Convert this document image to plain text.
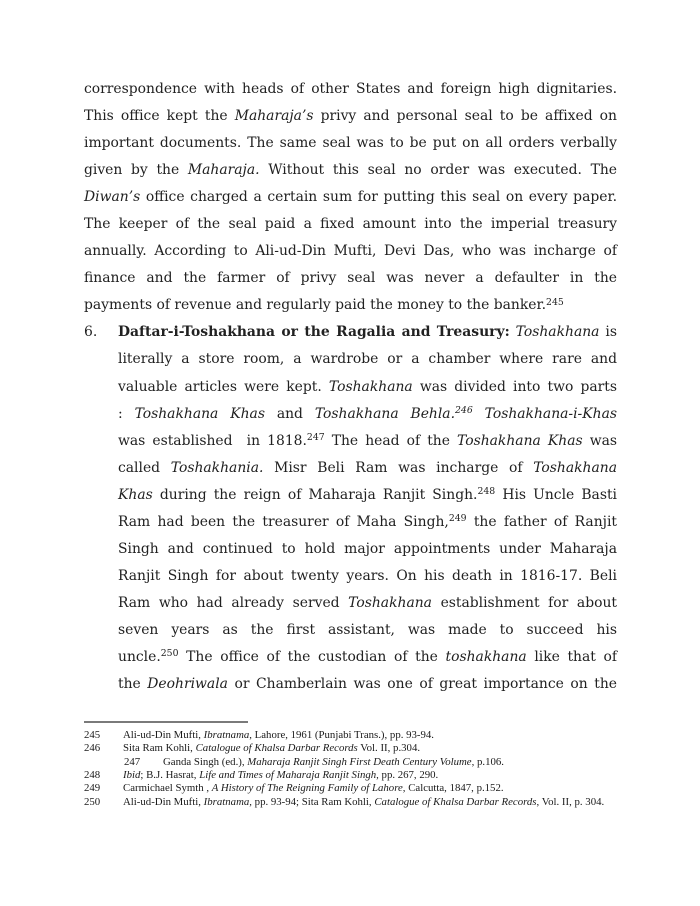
correspondence with heads of other States and foreign high dignitaries.
This office kept the Maharaja’s privy and personal seal to be affixed on
important documents. The same seal was to be put on all orders verbally
given by the Maharaja. Without this seal no order was executed. The
Diwan’s office charged a certain sum for putting this seal on every paper.
The keeper of the seal paid a fixed amount into the imperial treasury
annually. According to Ali-ud-Din Mufti, Devi Das, who was incharge of
finance and the farmer of privy seal was never a defaulter in the
payments of revenue and regularly paid the money to the banker.$^{245}$
6. Daftar-i-Toshakhana or the Ragalia and Treasury: Toshakhana is
literally a store room, a wardrobe or a chamber where rare and
valuable articles were kept. Toshakhana was divided into two parts
: Toshakhana Khas and Toshakhana Behla.$^{246}$ Toshakhana-i-Khas
was established  in 1818.$^{247}$ The head of the Toshakhana Khas was
called Toshakhania. Misr Beli Ram was incharge of Toshakhana
Khas during the reign of Maharaja Ranjit Singh.$^{248}$ His Uncle Basti
Ram had been the treasurer of Maha Singh,$^{249}$ the father of Ranjit
Singh and continued to hold major appointments under Maharaja
Ranjit Singh for about twenty years. On his death in 1816-17. Beli
Ram who had already served Toshakhana establishment for about
seven years as the first assistant, was made to succeed his
uncle.$^{250}$ The office of the custodian of the toshakhana like that of
the Deohriwala or Chamberlain was one of great importance on the
245 Ali-ud-Din Mufti, Ibratnama, Lahore, 1961 (Punjabi Trans.), pp. 93-94.
246 Sita Ram Kohli, Catalogue of Khalsa Darbar Records Vol. II, p.304.
247 Ganda Singh (ed.), Maharaja Ranjit Singh First Death Century Volume, p.106.
248 Ibid; B.J. Hasrat, Life and Times of Maharaja Ranjit Singh, pp. 267, 290.
249 Carmichael Symth , A History of The Reigning Family of Lahore, Calcutta, 1847, p.152.
250 Ali-ud-Din Mufti, Ibratnama, pp. 93-94; Sita Ram Kohli, Catalogue of Khalsa Darbar Records, Vol. II, p. 304.
